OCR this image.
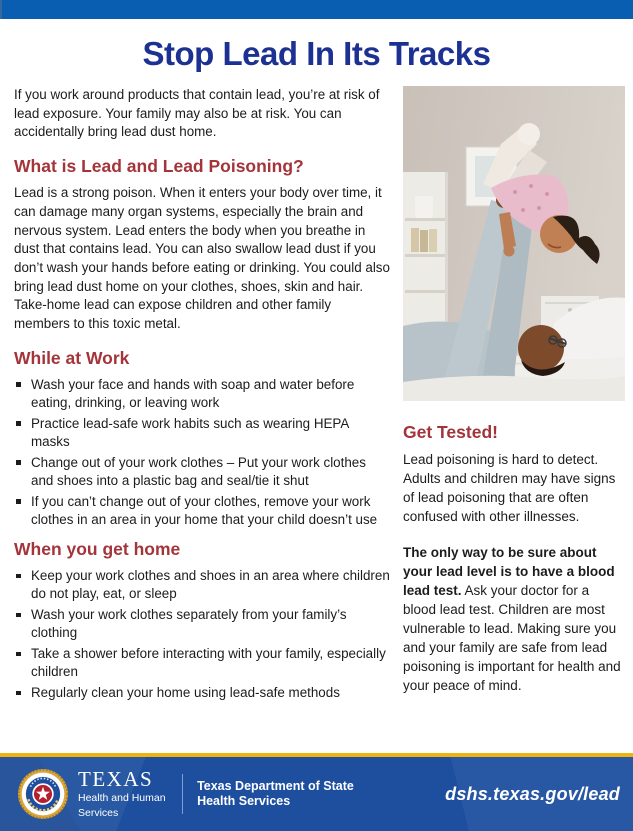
Stop Lead In Its Tracks

If you work around products that contain lead, you’re at risk of lead exposure. Your family may also be at risk. You can accidentally bring lead dust home.

What is Lead and Lead Poisoning?

Lead is a strong poison. When it enters your body over time, it can damage many organ systems, especially the brain and nervous system. Lead enters the body when you breathe in dust that contains lead. You can also swallow lead dust if you don’t wash your hands before eating or drinking. You could also bring lead dust home on your clothes, shoes, skin and hair. Take-home lead can expose children and other family members to this toxic metal.

While at Work
Wash your face and hands with soap and water before eating, drinking, or leaving work
Practice lead-safe work habits such as wearing HEPA masks
Change out of your work clothes – Put your work clothes and shoes into a plastic bag and seal/tie it shut
If you can’t change out of your clothes, remove your work clothes in an area in your home that your child doesn’t use
When you get home
Keep your work clothes and shoes in an area where children do not play, eat, or sleep
Wash your work clothes separately from your family’s clothing
Take a shower before interacting with your family, especially children
Regularly clean your home using lead-safe methods
Get Tested!

Lead poisoning is hard to detect. Adults and children may have signs of lead poisoning that are often confused with other illnesses.

The only way to be sure about your lead level is to have a blood lead test. Ask your doctor for a blood lead test. Children are most vulnerable to lead. Making sure you and your family are safe from lead poisoning is important for health and your peace of mind.

TEXAS
Health and Human
Services
Texas Department of State
Health Services	dshs.texas.gov/lead
